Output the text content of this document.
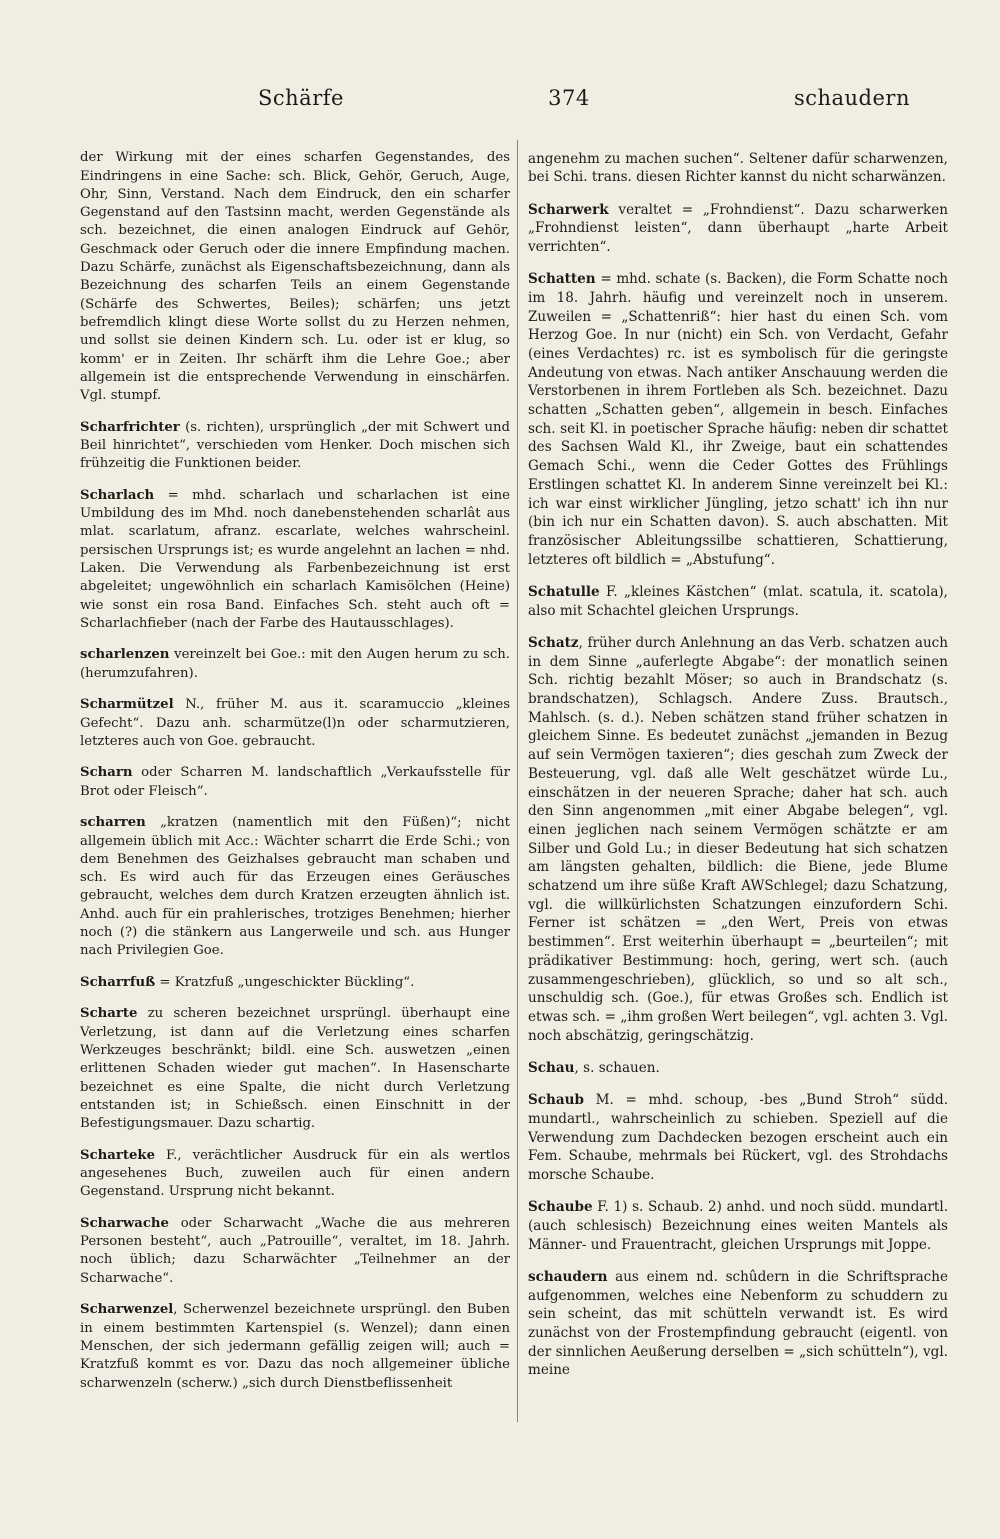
Schärfe	374	schaudern

der Wirkung mit der eines scharfen Gegenstandes, des Eindringens in eine Sache: sch. Blick, Gehör, Geruch, Auge, Ohr, Sinn, Verstand. Nach dem Eindruck, den ein scharfer Gegenstand auf den Tastsinn macht, werden Gegenstände als sch. bezeichnet, die einen analogen Eindruck auf Gehör, Geschmack oder Geruch oder die innere Empfindung machen. Dazu Schärfe, zunächst als Eigenschaftsbezeichnung, dann als Bezeichnung des scharfen Teils an einem Gegenstande (Schärfe des Schwertes, Beiles); schärfen; uns jetzt befremdlich klingt diese Worte sollst du zu Herzen nehmen, und sollst sie deinen Kindern sch. Lu. oder ist er klug, so komm' er in Zeiten. Ihr schärft ihm die Lehre Goe.; aber allgemein ist die entsprechende Verwendung in einschärfen. Vgl. stumpf.

Scharfrichter (s. richten), ursprünglich „der mit Schwert und Beil hinrichtet“, verschieden vom Henker. Doch mischen sich frühzeitig die Funktionen beider.

Scharlach = mhd. scharlach und scharlachen ist eine Umbildung des im Mhd. noch danebenstehenden scharlât aus mlat. scarlatum, afranz. escarlate, welches wahrscheinl. persischen Ursprungs ist; es wurde angelehnt an lachen = nhd. Laken. Die Verwendung als Farbenbezeichnung ist erst abgeleitet; ungewöhnlich ein scharlach Kamisölchen (Heine) wie sonst ein rosa Band. Einfaches Sch. steht auch oft = Scharlachfieber (nach der Farbe des Hautausschlages).

scharlenzen vereinzelt bei Goe.: mit den Augen herum zu sch. (herumzufahren).

Scharmützel N., früher M. aus it. scaramuccio „kleines Gefecht“. Dazu anh. scharmütze(l)n oder scharmutzieren, letzteres auch von Goe. gebraucht.

Scharn oder Scharren M. landschaftlich „Verkaufsstelle für Brot oder Fleisch“.

scharren „kratzen (namentlich mit den Füßen)“; nicht allgemein üblich mit Acc.: Wächter scharrt die Erde Schi.; von dem Benehmen des Geizhalses gebraucht man schaben und sch. Es wird auch für das Erzeugen eines Geräusches gebraucht, welches dem durch Kratzen erzeugten ähnlich ist. Anhd. auch für ein prahlerisches, trotziges Benehmen; hierher noch (?) die stänkern aus Langerweile und sch. aus Hunger nach Privilegien Goe.

Scharrfuß = Kratzfuß „ungeschickter Bückling“.

Scharte zu scheren bezeichnet ursprüngl. überhaupt eine Verletzung, ist dann auf die Verletzung eines scharfen Werkzeuges beschränkt; bildl. eine Sch. auswetzen „einen erlittenen Schaden wieder gut machen“. In Hasenscharte bezeichnet es eine Spalte, die nicht durch Verletzung entstanden ist; in Schießsch. einen Einschnitt in der Befestigungsmauer. Dazu schartig.

Scharteke F., verächtlicher Ausdruck für ein als wertlos angesehenes Buch, zuweilen auch für einen andern Gegenstand. Ursprung nicht bekannt.

Scharwache oder Scharwacht „Wache die aus mehreren Personen besteht“, auch „Patrouille“, veraltet, im 18. Jahrh. noch üblich; dazu Scharwächter „Teilnehmer an der Scharwache“.

Scharwenzel, Scherwenzel bezeichnete ursprüngl. den Buben in einem bestimmten Kartenspiel (s. Wenzel); dann einen Menschen, der sich jedermann gefällig zeigen will; auch = Kratzfuß kommt es vor. Dazu das noch allgemeiner übliche scharwenzeln (scherw.) „sich durch Dienstbeflissenheit

angenehm zu machen suchen“. Seltener dafür scharwenzen, bei Schi. trans. diesen Richter kannst du nicht scharwänzen.

Scharwerk veraltet = „Frohndienst“. Dazu scharwerken „Frohndienst leisten“, dann überhaupt „harte Arbeit verrichten“.

Schatten = mhd. schate (s. Backen), die Form Schatte noch im 18. Jahrh. häufig und vereinzelt noch in unserem. Zuweilen = „Schattenriß“: hier hast du einen Sch. vom Herzog Goe. In nur (nicht) ein Sch. von Verdacht, Gefahr (eines Verdachtes) rc. ist es symbolisch für die geringste Andeutung von etwas. Nach antiker Anschauung werden die Verstorbenen in ihrem Fortleben als Sch. bezeichnet. Dazu schatten „Schatten geben“, allgemein in besch. Einfaches sch. seit Kl. in poetischer Sprache häufig: neben dir schattet des Sachsen Wald Kl., ihr Zweige, baut ein schattendes Gemach Schi., wenn die Ceder Gottes des Frühlings Erstlingen schattet Kl. In anderem Sinne vereinzelt bei Kl.: ich war einst wirklicher Jüngling, jetzo schatt' ich ihn nur (bin ich nur ein Schatten davon). S. auch abschatten. Mit französischer Ableitungssilbe schattieren, Schattierung, letzteres oft bildlich = „Abstufung“.

Schatulle F. „kleines Kästchen“ (mlat. scatula, it. scatola), also mit Schachtel gleichen Ursprungs.

Schatz, früher durch Anlehnung an das Verb. schatzen auch in dem Sinne „auferlegte Abgabe“: der monatlich seinen Sch. richtig bezahlt Möser; so auch in Brandschatz (s. brandschatzen), Schlagsch. Andere Zuss. Brautsch., Mahlsch. (s. d.). Neben schätzen stand früher schatzen in gleichem Sinne. Es bedeutet zunächst „jemanden in Bezug auf sein Vermögen taxieren“; dies geschah zum Zweck der Besteuerung, vgl. daß alle Welt geschätzet würde Lu., einschätzen in der neueren Sprache; daher hat sch. auch den Sinn angenommen „mit einer Abgabe belegen“, vgl. einen jeglichen nach seinem Vermögen schätzte er am Silber und Gold Lu.; in dieser Bedeutung hat sich schatzen am längsten gehalten, bildlich: die Biene, jede Blume schatzend um ihre süße Kraft AWSchlegel; dazu Schatzung, vgl. die willkürlichsten Schatzungen einzufordern Schi. Ferner ist schätzen = „den Wert, Preis von etwas bestimmen“. Erst weiterhin überhaupt = „beurteilen“; mit prädikativer Bestimmung: hoch, gering, wert sch. (auch zusammengeschrieben), glücklich, so und so alt sch., unschuldig sch. (Goe.), für etwas Großes sch. Endlich ist etwas sch. = „ihm großen Wert beilegen“, vgl. achten 3. Vgl. noch abschätzig, geringschätzig.

Schau, s. schauen.

Schaub M. = mhd. schoup, -bes „Bund Stroh“ südd. mundartl., wahrscheinlich zu schieben. Speziell auf die Verwendung zum Dachdecken bezogen erscheint auch ein Fem. Schaube, mehrmals bei Rückert, vgl. des Strohdachs morsche Schaube.

Schaube F. 1) s. Schaub. 2) anhd. und noch südd. mundartl. (auch schlesisch) Bezeichnung eines weiten Mantels als Männer- und Frauentracht, gleichen Ursprungs mit Joppe.

schaudern aus einem nd. schûdern in die Schriftsprache aufgenommen, welches eine Nebenform zu schuddern zu sein scheint, das mit schütteln verwandt ist. Es wird zunächst von der Frostempfindung gebraucht (eigentl. von der sinnlichen Aeußerung derselben = „sich schütteln“), vgl. meine
